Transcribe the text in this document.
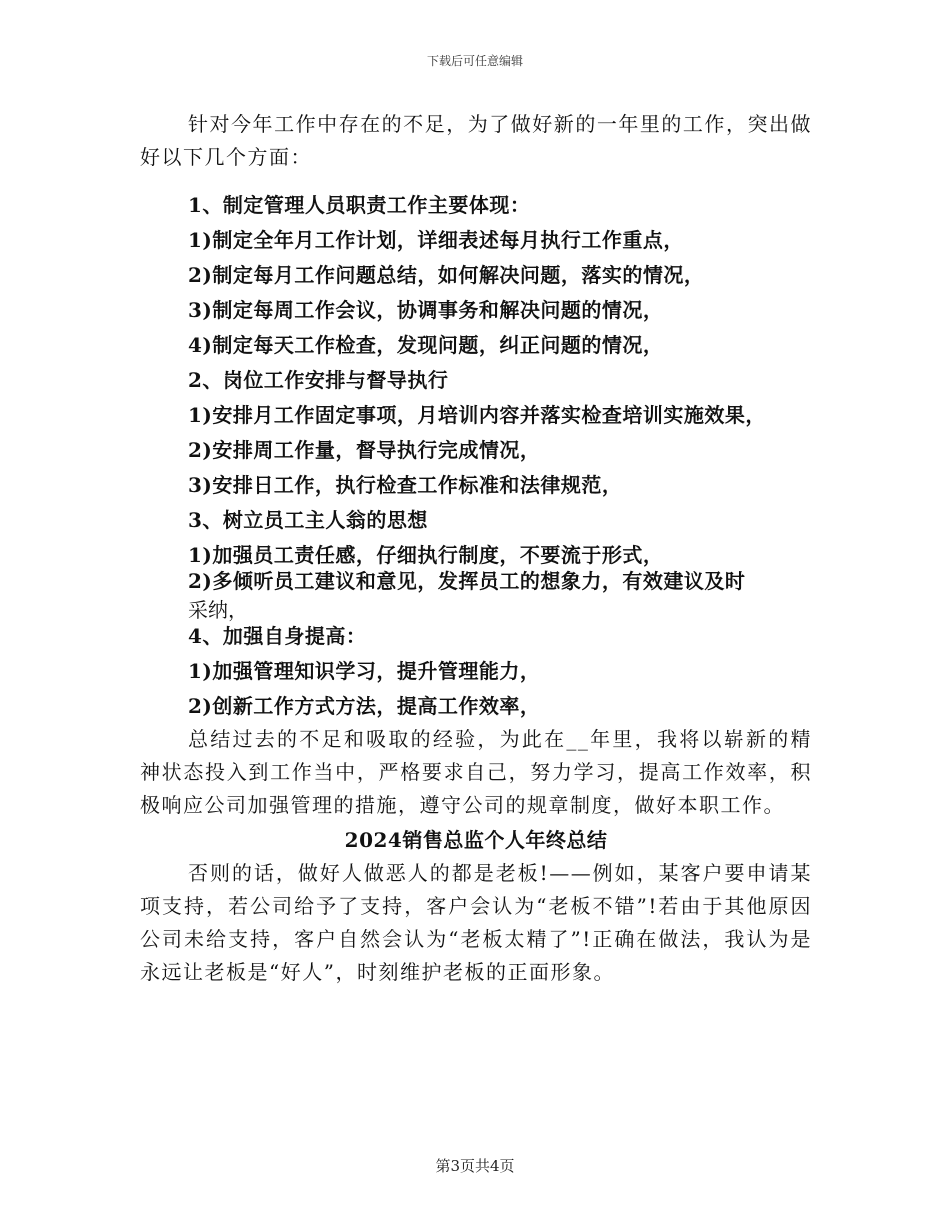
下载后可任意编辑

针对今年工作中存在的不足，为了做好新的一年里的工作，突出做好以下几个方面：

1、制定管理人员职责工作主要体现：

1)制定全年月工作计划，详细表述每月执行工作重点，

2)制定每月工作问题总结，如何解决问题，落实的情况，

3)制定每周工作会议，协调事务和解决问题的情况，

4)制定每天工作检查，发现问题，纠正问题的情况，

2、岗位工作安排与督导执行

1)安排月工作固定事项，月培训内容并落实检查培训实施效果，

2)安排周工作量，督导执行完成情况，

3)安排日工作，执行检查工作标准和法律规范，

3、树立员工主人翁的思想

1)加强员工责任感，仔细执行制度，不要流于形式，

2)多倾听员工建议和意见，发挥员工的想象力，有效建议及时
采纳，

4、加强自身提高：

1)加强管理知识学习，提升管理能力，

2)创新工作方式方法，提高工作效率，

总结过去的不足和吸取的经验，为此在__年里，我将以崭新的精神状态投入到工作当中，严格要求自己，努力学习，提高工作效率，积极响应公司加强管理的措施，遵守公司的规章制度，做好本职工作。

2024销售总监个人年终总结

否则的话，做好人做恶人的都是老板!——例如，某客户要申请某项支持，若公司给予了支持，客户会认为“老板不错”!若由于其他原因公司未给支持，客户自然会认为“老板太精了”!正确在做法，我认为是永远让老板是“好人”，时刻维护老板的正面形象。

第3页共4页
